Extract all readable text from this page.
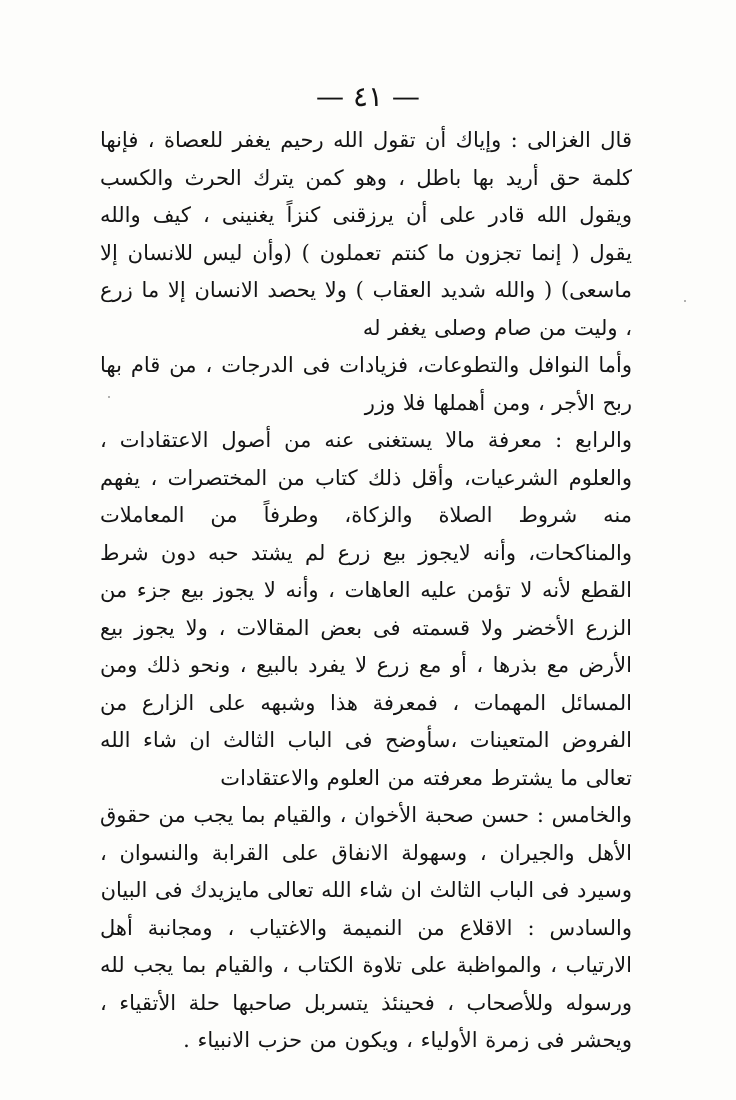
— ٤١ —

قال الغزالى : وإياك أن تقول الله رحيم يغفر للعصاة ، فإنها كلمة حق أريد بها باطل ، وهو كمن يترك الحرث والكسب ويقول الله قادر على أن يرزقنى كنزاً يغنينى ، كيف والله يقول ( إنما تجزون ما كنتم تعملون ) (وأن ليس للانسان إلا ماسعى) ( والله شديد العقاب ) ولا يحصد الانسان إلا ما زرع ، وليت من صام وصلى يغفر له

وأما النوافل والتطوعات، فزيادات فى الدرجات ، من قام بها ربح الأجر ، ومن أهملها فلا وزر

والرابع : معرفة مالا يستغنى عنه من أصول الاعتقادات ، والعلوم الشرعيات، وأقل ذلك كتاب من المختصرات ، يفهم منه شروط الصلاة والزكاة، وطرفاً من المعاملات والمناكحات، وأنه لايجوز بيع زرع لم يشتد حبه دون شرط القطع لأنه لا تؤمن عليه العاهات ، وأنه لا يجوز بيع جزء من الزرع الأخضر ولا قسمته فى بعض المقالات ، ولا يجوز بيع الأرض مع بذرها ، أو مع زرع لا يفرد بالبيع ، ونحو ذلك ومن المسائل المهمات ، فمعرفة هذا وشبهه على الزارع من الفروض المتعينات ،سأوضح فى الباب الثالث ان شاء الله تعالى ما يشترط معرفته من العلوم والاعتقادات

والخامس : حسن صحبة الأخوان ، والقيام بما يجب من حقوق الأهل والجيران ، وسهولة الانفاق على القرابة والنسوان ، وسيرد فى الباب الثالث ان شاء الله تعالى مايزيدك فى البيان

والسادس : الاقلاع من النميمة والاغتياب ، ومجانبة أهل الارتياب ، والمواظبة على تلاوة الكتاب ، والقيام بما يجب لله ورسوله وللأصحاب ، فحينئذ يتسربل صاحبها حلة الأتقياء ، ويحشر فى زمرة الأولياء ، ويكون من حزب الانبياء .
